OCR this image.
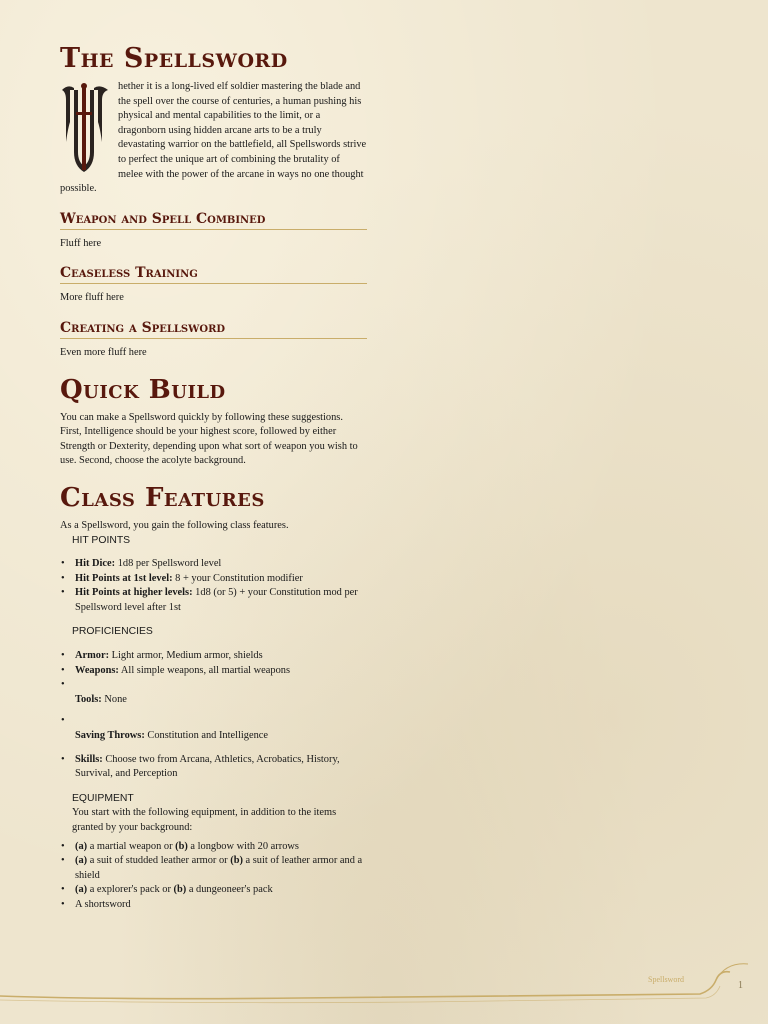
The Spellsword

hether it is a long-lived elf soldier mastering the blade and the spell over the course of centuries, a human pushing his physical and mental capabilities to the limit, or a dragonborn using hidden arcane arts to be a truly devastating warrior on the battlefield, all Spellswords strive to perfect the unique art of combining the brutality of melee with the power of the arcane in ways no one thought possible.

Weapon and Spell Combined

Fluff here

Ceaseless Training

More fluff here

Creating a Spellsword

Even more fluff here

Quick Build

You can make a Spellsword quickly by following these suggestions. First, Intelligence should be your highest score, followed by either Strength or Dexterity, depending upon what sort of weapon you wish to use. Second, choose the acolyte background.

Class Features

As a Spellsword, you gain the following class features.

HIT POINTS

• Hit Dice: 1d8 per Spellsword level
• Hit Points at 1st level: 8 + your Constitution modifier
• Hit Points at higher levels: 1d8 (or 5) + your Constitution mod per Spellsword level after 1st

PROFICIENCIES

• Armor: Light armor, Medium armor, shields
• Weapons: All simple weapons, all martial weapons
• Tools: None
• Saving Throws: Constitution and Intelligence
• Skills: Choose two from Arcana, Athletics, Acrobatics, History, Survival, and Perception

EQUIPMENT

You start with the following equipment, in addition to the items granted by your background:

• (a) a martial weapon or (b) a longbow with 20 arrows
• (a) a suit of studded leather armor or (b) a suit of leather armor and a shield
• (a) a explorer's pack or (b) a dungeoneer's pack
• A shortsword
Spellsword
1
